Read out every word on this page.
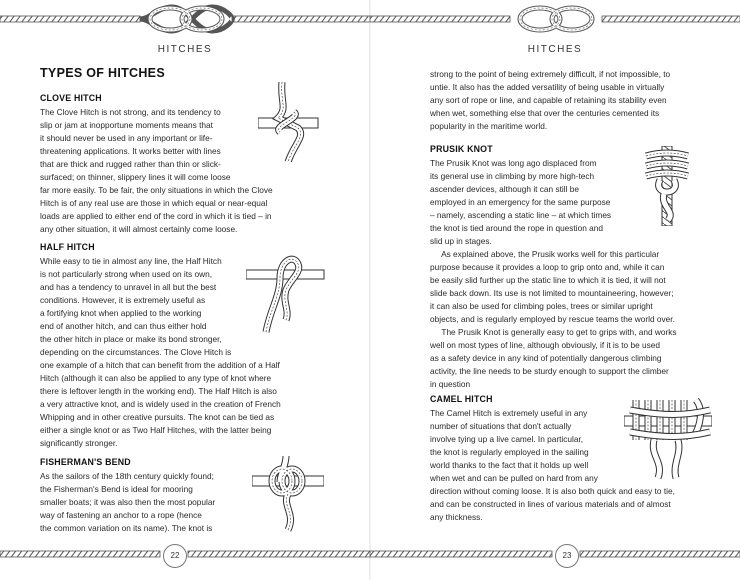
HITCHES
TYPES OF HITCHES
CLOVE HITCH

The Clove Hitch is not strong, and its tendency to

slip or jam at inopportune moments means that

it should never be used in any important or life-

threatening applications. It works better with lines

that are thick and rugged rather than thin or slick-

surfaced; on thinner, slippery lines it will come loose

far more easily. To be fair, the only situations in which the Clove

Hitch is of any real use are those in which equal or near-equal

loads are applied to either end of the cord in which it is tied – in

any other situation, it will almost certainly come loose.

HALF HITCH

While easy to tie in almost any line, the Half Hitch

is not particularly strong when used on its own,

and has a tendency to unravel in all but the best

conditions. However, it is extremely useful as

a fortifying knot when applied to the working

end of another hitch, and can thus either hold

the other hitch in place or make its bond stronger,

depending on the circumstances. The Clove Hitch is

one example of a hitch that can benefit from the addition of a Half

Hitch (although it can also be applied to any type of knot where

there is leftover length in the working end). The Half Hitch is also

a very attractive knot, and is widely used in the creation of French

Whipping and in other creative pursuits. The knot can be tied as

either a single knot or as Two Half Hitches, with the latter being

significantly stronger.

FISHERMAN'S BEND

As the sailors of the 18th century quickly found;

the Fisherman's Bend is ideal for mooring

smaller boats; it was also then the most popular

way of fastening an anchor to a rope (hence

the common variation on its name). The knot is

22
HITCHES

strong to the point of being extremely difficult, if not impossible, to

untie. It also has the added versatility of being usable in virtually

any sort of rope or line, and capable of retaining its stability even

when wet, something else that over the centuries cemented its

popularity in the maritime world.

PRUSIK KNOT

The Prusik Knot was long ago displaced from

its general use in climbing by more high-tech

ascender devices, although it can still be

employed in an emergency for the same purpose

– namely, ascending a static line – at which times

the knot is tied around the rope in question and

slid up in stages.

As explained above, the Prusik works well for this particular

purpose because it provides a loop to grip onto and, while it can

be easily slid further up the static line to which it is tied, it will not

slide back down. Its use is not limited to mountaineering, however;

it can also be used for climbing poles, trees or similar upright

objects, and is regularly employed by rescue teams the world over.

The Prusik Knot is generally easy to get to grips with, and works

well on most types of line, although obviously, if it is to be used

as a safety device in any kind of potentially dangerous climbing

activity, the line needs to be sturdy enough to support the climber

in question

CAMEL HITCH

The Camel Hitch is extremely useful in any

number of situations that don't actually

involve tying up a live camel. In particular,

the knot is regularly employed in the sailing

world thanks to the fact that it holds up well

when wet and can be pulled on hard from any

direction without coming loose. It is also both quick and easy to tie,

and can be constructed in lines of various materials and of almost

any thickness.

23
